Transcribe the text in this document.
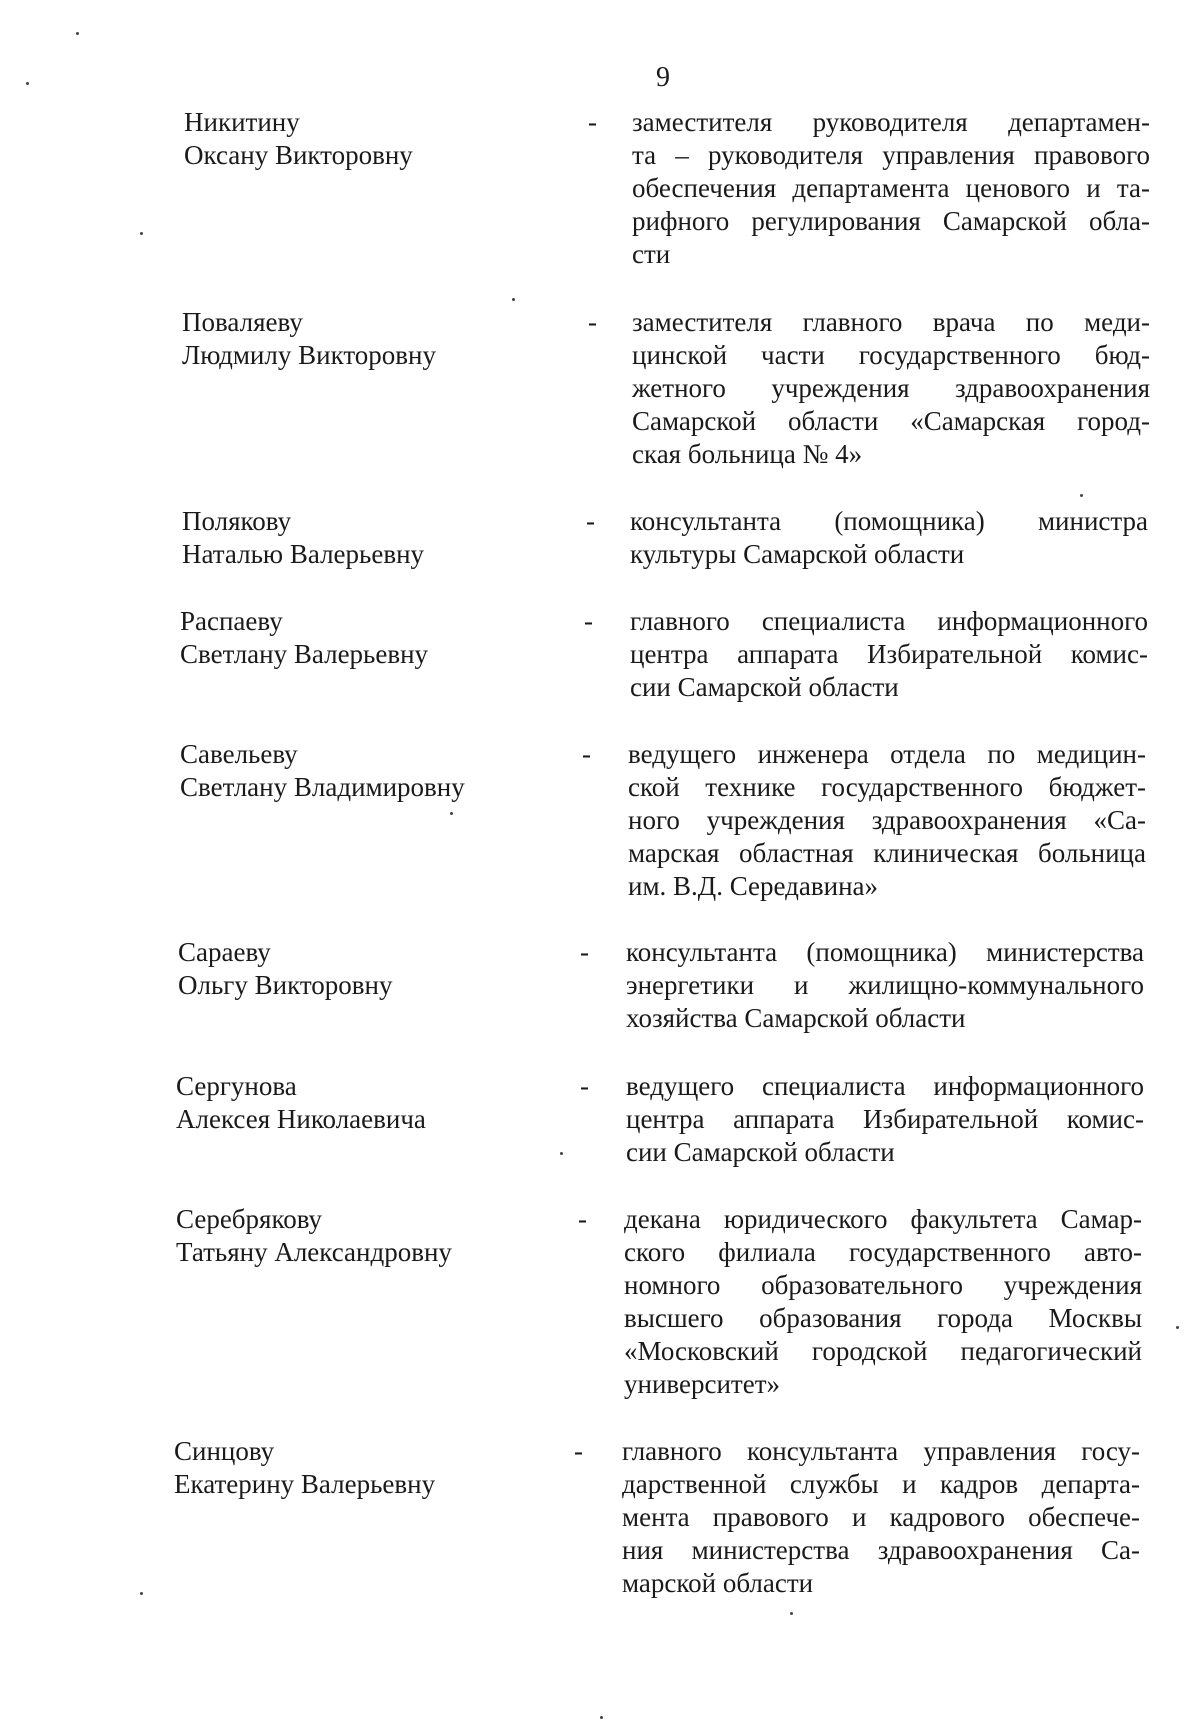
9
Никитину
Оксану Викторовну
- заместителя руководителя департамен-
та – руководителя управления правового
обеспечения департамента ценового и та-
рифного регулирования Самарской обла-
сти
Поваляеву
Людмилу Викторовну
- заместителя главного врача по меди-
цинской части государственного бюд-
жетного учреждения здравоохранения
Самарской области «Самарская город-
ская больница № 4»
Полякову
Наталью Валерьевну
- консультанта (помощника) министра
культуры Самарской области
Распаеву
Светлану Валерьевну
- главного специалиста информационного
центра аппарата Избирательной комис-
сии Самарской области
Савельеву
Светлану Владимировну
- ведущего инженера отдела по медицин-
ской технике государственного бюджет-
ного учреждения здравоохранения «Са-
марская областная клиническая больница
им. В.Д. Середавина»
Сараеву
Ольгу Викторовну
- консультанта (помощника) министерства
энергетики и жилищно-коммунального
хозяйства Самарской области
Сергунова
Алексея Николаевича
- ведущего специалиста информационного
центра аппарата Избирательной комис-
сии Самарской области
Серебрякову
Татьяну Александровну
- декана юридического факультета Самар-
ского филиала государственного авто-
номного образовательного учреждения
высшего образования города Москвы
«Московский городской педагогический
университет»
Синцову
Екатерину Валерьевну
- главного консультанта управления госу-
дарственной службы и кадров департа-
мента правового и кадрового обеспече-
ния министерства здравоохранения Са-
марской области
